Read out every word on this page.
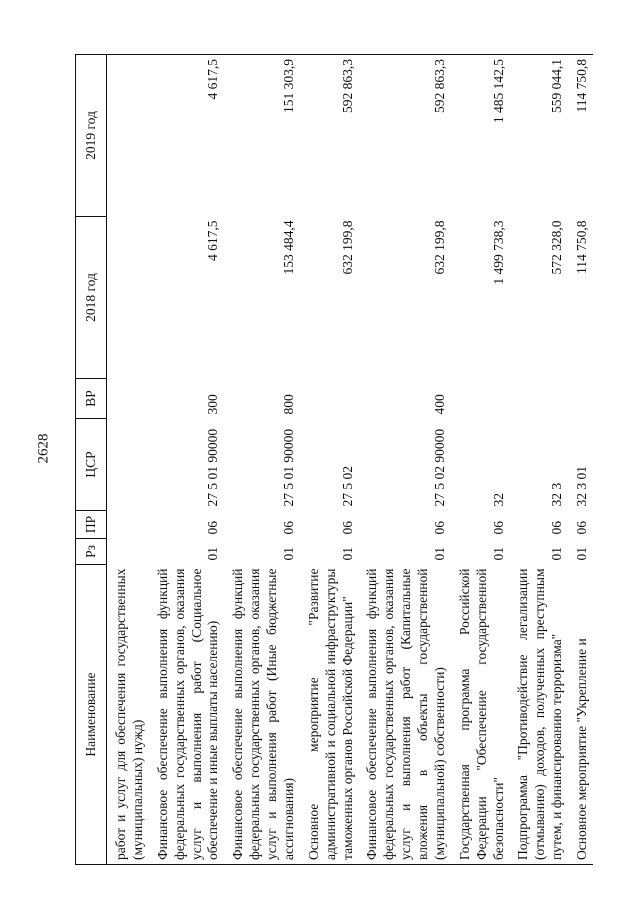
2628
Наименование	Рз	ПР	ЦСР	ВР	2018 год	2019 год
работ и услуг для обеспечения государственных (муниципальных) нужд)						
Финансовое обеспечение выполнения функций федеральных государственных органов, оказания услуг и выполнения работ (Социальное обеспечение и иные выплаты населению)	01	06	27 5 01 90000	300	4 617,5	4 617,5
Финансовое обеспечение выполнения функций федеральных государственных органов, оказания услуг и выполнения работ (Иные бюджетные ассигнования)	01	06	27 5 01 90000	800	153 484,4	151 303,9
Основное мероприятие "Развитие административной и социальной инфраструктуры таможенных органов Российской Федерации"	01	06	27 5 02		632 199,8	592 863,3
Финансовое обеспечение выполнения функций федеральных государственных органов, оказания услуг и выполнения работ (Капитальные вложения в объекты государственной (муниципальной) собственности)	01	06	27 5 02 90000	400	632 199,8	592 863,3
Государственная программа Российской Федерации "Обеспечение государственной безопасности"	01	06	32		1 499 738,3	1 485 142,5
Подпрограмма "Противодействие легализации (отмыванию) доходов, полученных преступным путем, и финансированию терроризма"	01	06	32 3		572 328,0	559 044,1
Основное мероприятие "Укрепление и	01	06	32 3 01		114 750,8	114 750,8
